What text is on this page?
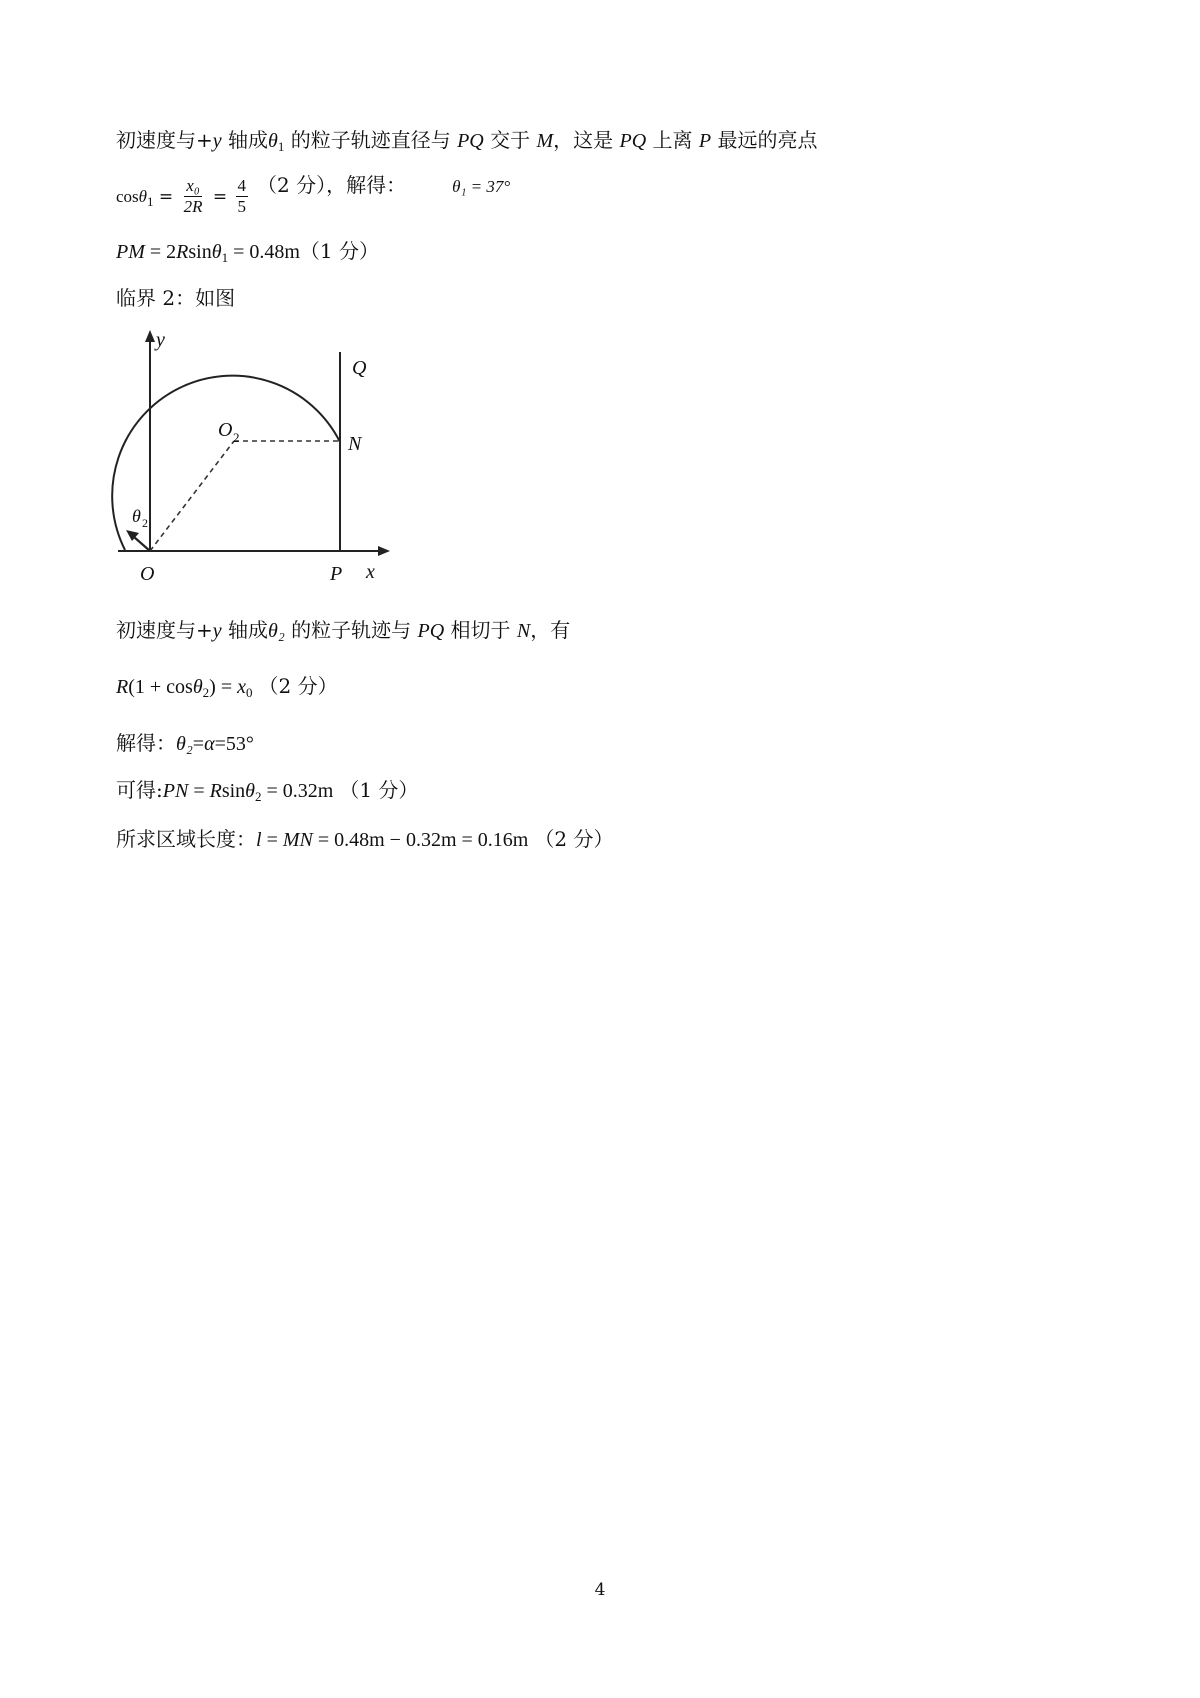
初速度与+y 轴成$\theta_1$ 的粒子轨迹直径与 PQ 交于 M，这是 PQ 上离 P 最远的亮点
$\cos\theta_1 = \frac{\text{x₀}}{2R} = \frac{4}{5} (2$ 分），解得：	$^{\theta_1 = 37^\circ}$
PM = 2Rsinθ$_1$ = 0.48m（1 分）
临界 2：如图
y
Q
O 2	N
θ 2
O	P x
初速度与+y 轴成θ₂ 的粒子轨迹与 PQ 相切于 N，有
$R(1 + \cos\theta_2) = x_0$ （2 分）
解得：θ₂=α=53°
可得:PN = Rsinθ$_2$ = 0.32m （1 分）
所求区域长度：l = MN = 0.48m − 0.32m = 0.16m （2 分）
4
